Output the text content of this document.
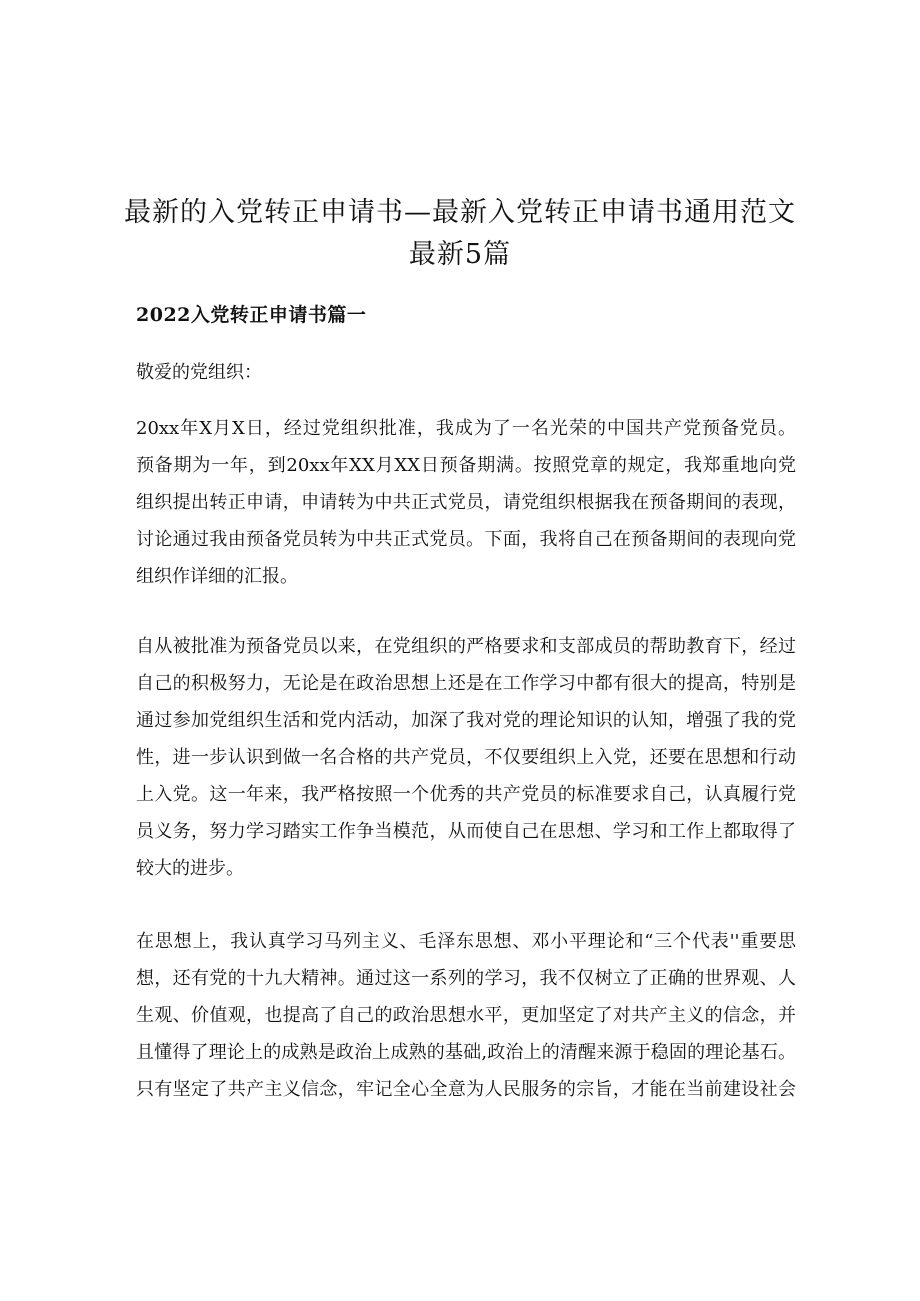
最新的入党转正申请书—最新入党转正申请书通用范文
最新5篇
2022入党转正申请书篇一
敬爱的党组织：
20xx年X月X日，经过党组织批准，我成为了一名光荣的中国共产党预备党员。
预备期为一年，到20xx年XX月XX日预备期满。按照党章的规定，我郑重地向党
组织提出转正申请，申请转为中共正式党员，请党组织根据我在预备期间的表现，
讨论通过我由预备党员转为中共正式党员。下面，我将自己在预备期间的表现向党
组织作详细的汇报。
自从被批准为预备党员以来，在党组织的严格要求和支部成员的帮助教育下，经过
自己的积极努力，无论是在政治思想上还是在工作学习中都有很大的提高，特别是
通过参加党组织生活和党内活动，加深了我对党的理论知识的认知，增强了我的党
性，进一步认识到做一名合格的共产党员，不仅要组织上入党，还要在思想和行动
上入党。这一年来，我严格按照一个优秀的共产党员的标准要求自己，认真履行党
员义务，努力学习踏实工作争当模范，从而使自己在思想、学习和工作上都取得了
较大的进步。
在思想上，我认真学习马列主义、毛泽东思想、邓小平理论和“三个代表''重要思
想，还有党的十九大精神。通过这一系列的学习，我不仅树立了正确的世界观、人
生观、价值观，也提高了自己的政治思想水平，更加坚定了对共产主义的信念，并
且懂得了理论上的成熟是政治上成熟的基础,政治上的清醒来源于稳固的理论基石。
只有坚定了共产主义信念，牢记全心全意为人民服务的宗旨，才能在当前建设社会
